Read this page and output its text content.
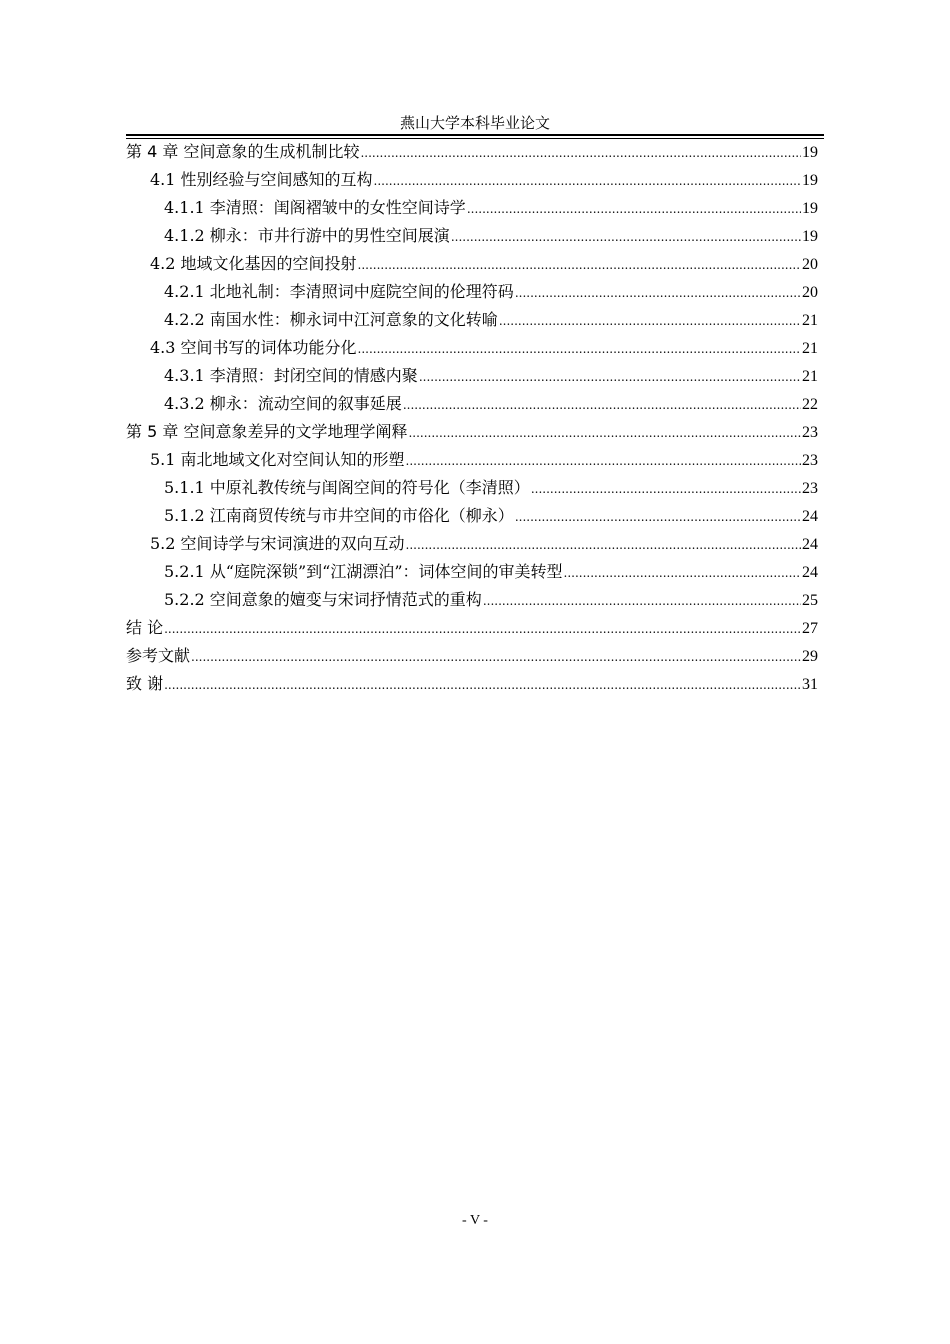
燕山大学本科毕业论文
第 4 章 空间意象的生成机制比较 .....	19
4.1 性别经验与空间感知的互构 .....	19
4.1.1 李清照：闺阁褶皱中的女性空间诗学 .....	19
4.1.2 柳永：市井行游中的男性空间展演 .....	19
4.2 地域文化基因的空间投射 .....	20
4.2.1 北地礼制：李清照词中庭院空间的伦理符码 .....	20
4.2.2 南国水性：柳永词中江河意象的文化转喻 .....	21
4.3 空间书写的词体功能分化 .....	21
4.3.1 李清照：封闭空间的情感内聚 .....	21
4.3.2 柳永：流动空间的叙事延展 .....	22
第 5 章 空间意象差异的文学地理学阐释 .....	23
5.1 南北地域文化对空间认知的形塑 .....	23
5.1.1 中原礼教传统与闺阁空间的符号化（李清照） .....	23
5.1.2 江南商贸传统与市井空间的市俗化（柳永） .....	24
5.2 空间诗学与宋词演进的双向互动 .....	24
5.2.1 从“庭院深锁”到“江湖漂泊”：词体空间的审美转型 .....	24
5.2.2 空间意象的嬗变与宋词抒情范式的重构 .....	25
结 论 .....	27
参考文献 .....	29
致 谢 .....	31
- V -
